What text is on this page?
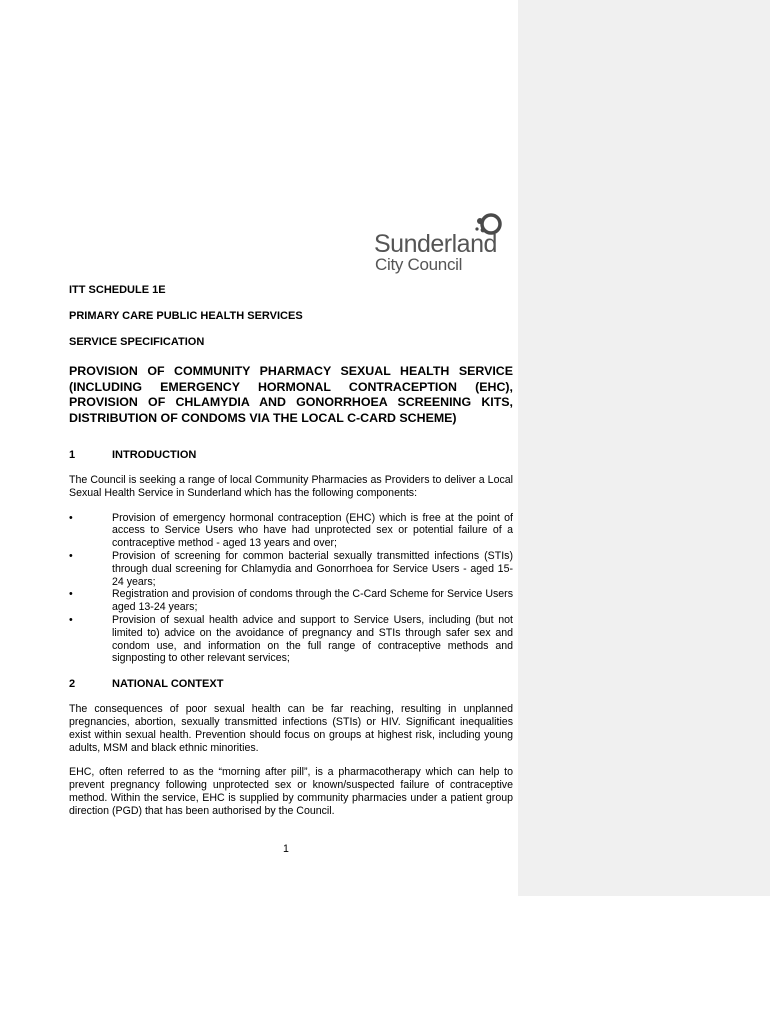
Sunderland
City Council

ITT SCHEDULE 1E

PRIMARY CARE PUBLIC HEALTH SERVICES

SERVICE SPECIFICATION

PROVISION OF COMMUNITY PHARMACY SEXUAL HEALTH SERVICE (INCLUDING EMERGENCY HORMONAL CONTRACEPTION (EHC), PROVISION OF CHLAMYDIA AND GONORRHOEA SCREENING KITS, DISTRIBUTION OF CONDOMS VIA THE LOCAL C-CARD SCHEME)

1	INTRODUCTION

The Council is seeking a range of local Community Pharmacies as Providers to deliver a Local Sexual Health Service in Sunderland which has the following components:

•	Provision of emergency hormonal contraception (EHC) which is free at the point of access to Service Users who have had unprotected sex or potential failure of a contraceptive method - aged 13 years and over;
•	Provision of screening for common bacterial sexually transmitted infections (STIs) through dual screening for Chlamydia and Gonorrhoea for Service Users - aged 15-24 years;
•	Registration and provision of condoms through the C-Card Scheme for Service Users aged 13-24 years;
•	Provision of sexual health advice and support to Service Users, including (but not limited to) advice on the avoidance of pregnancy and STIs through safer sex and condom use, and information on the full range of contraceptive methods and signposting to other relevant services;
2	NATIONAL CONTEXT

The consequences of poor sexual health can be far reaching, resulting in unplanned pregnancies, abortion, sexually transmitted infections (STIs) or HIV. Significant inequalities exist within sexual health. Prevention should focus on groups at highest risk, including young adults, MSM and black ethnic minorities.

EHC, often referred to as the “morning after pill”, is a pharmacotherapy which can help to prevent pregnancy following unprotected sex or known/suspected failure of contraceptive method. Within the service, EHC is supplied by community pharmacies under a patient group direction (PGD) that has been authorised by the Council.

1
